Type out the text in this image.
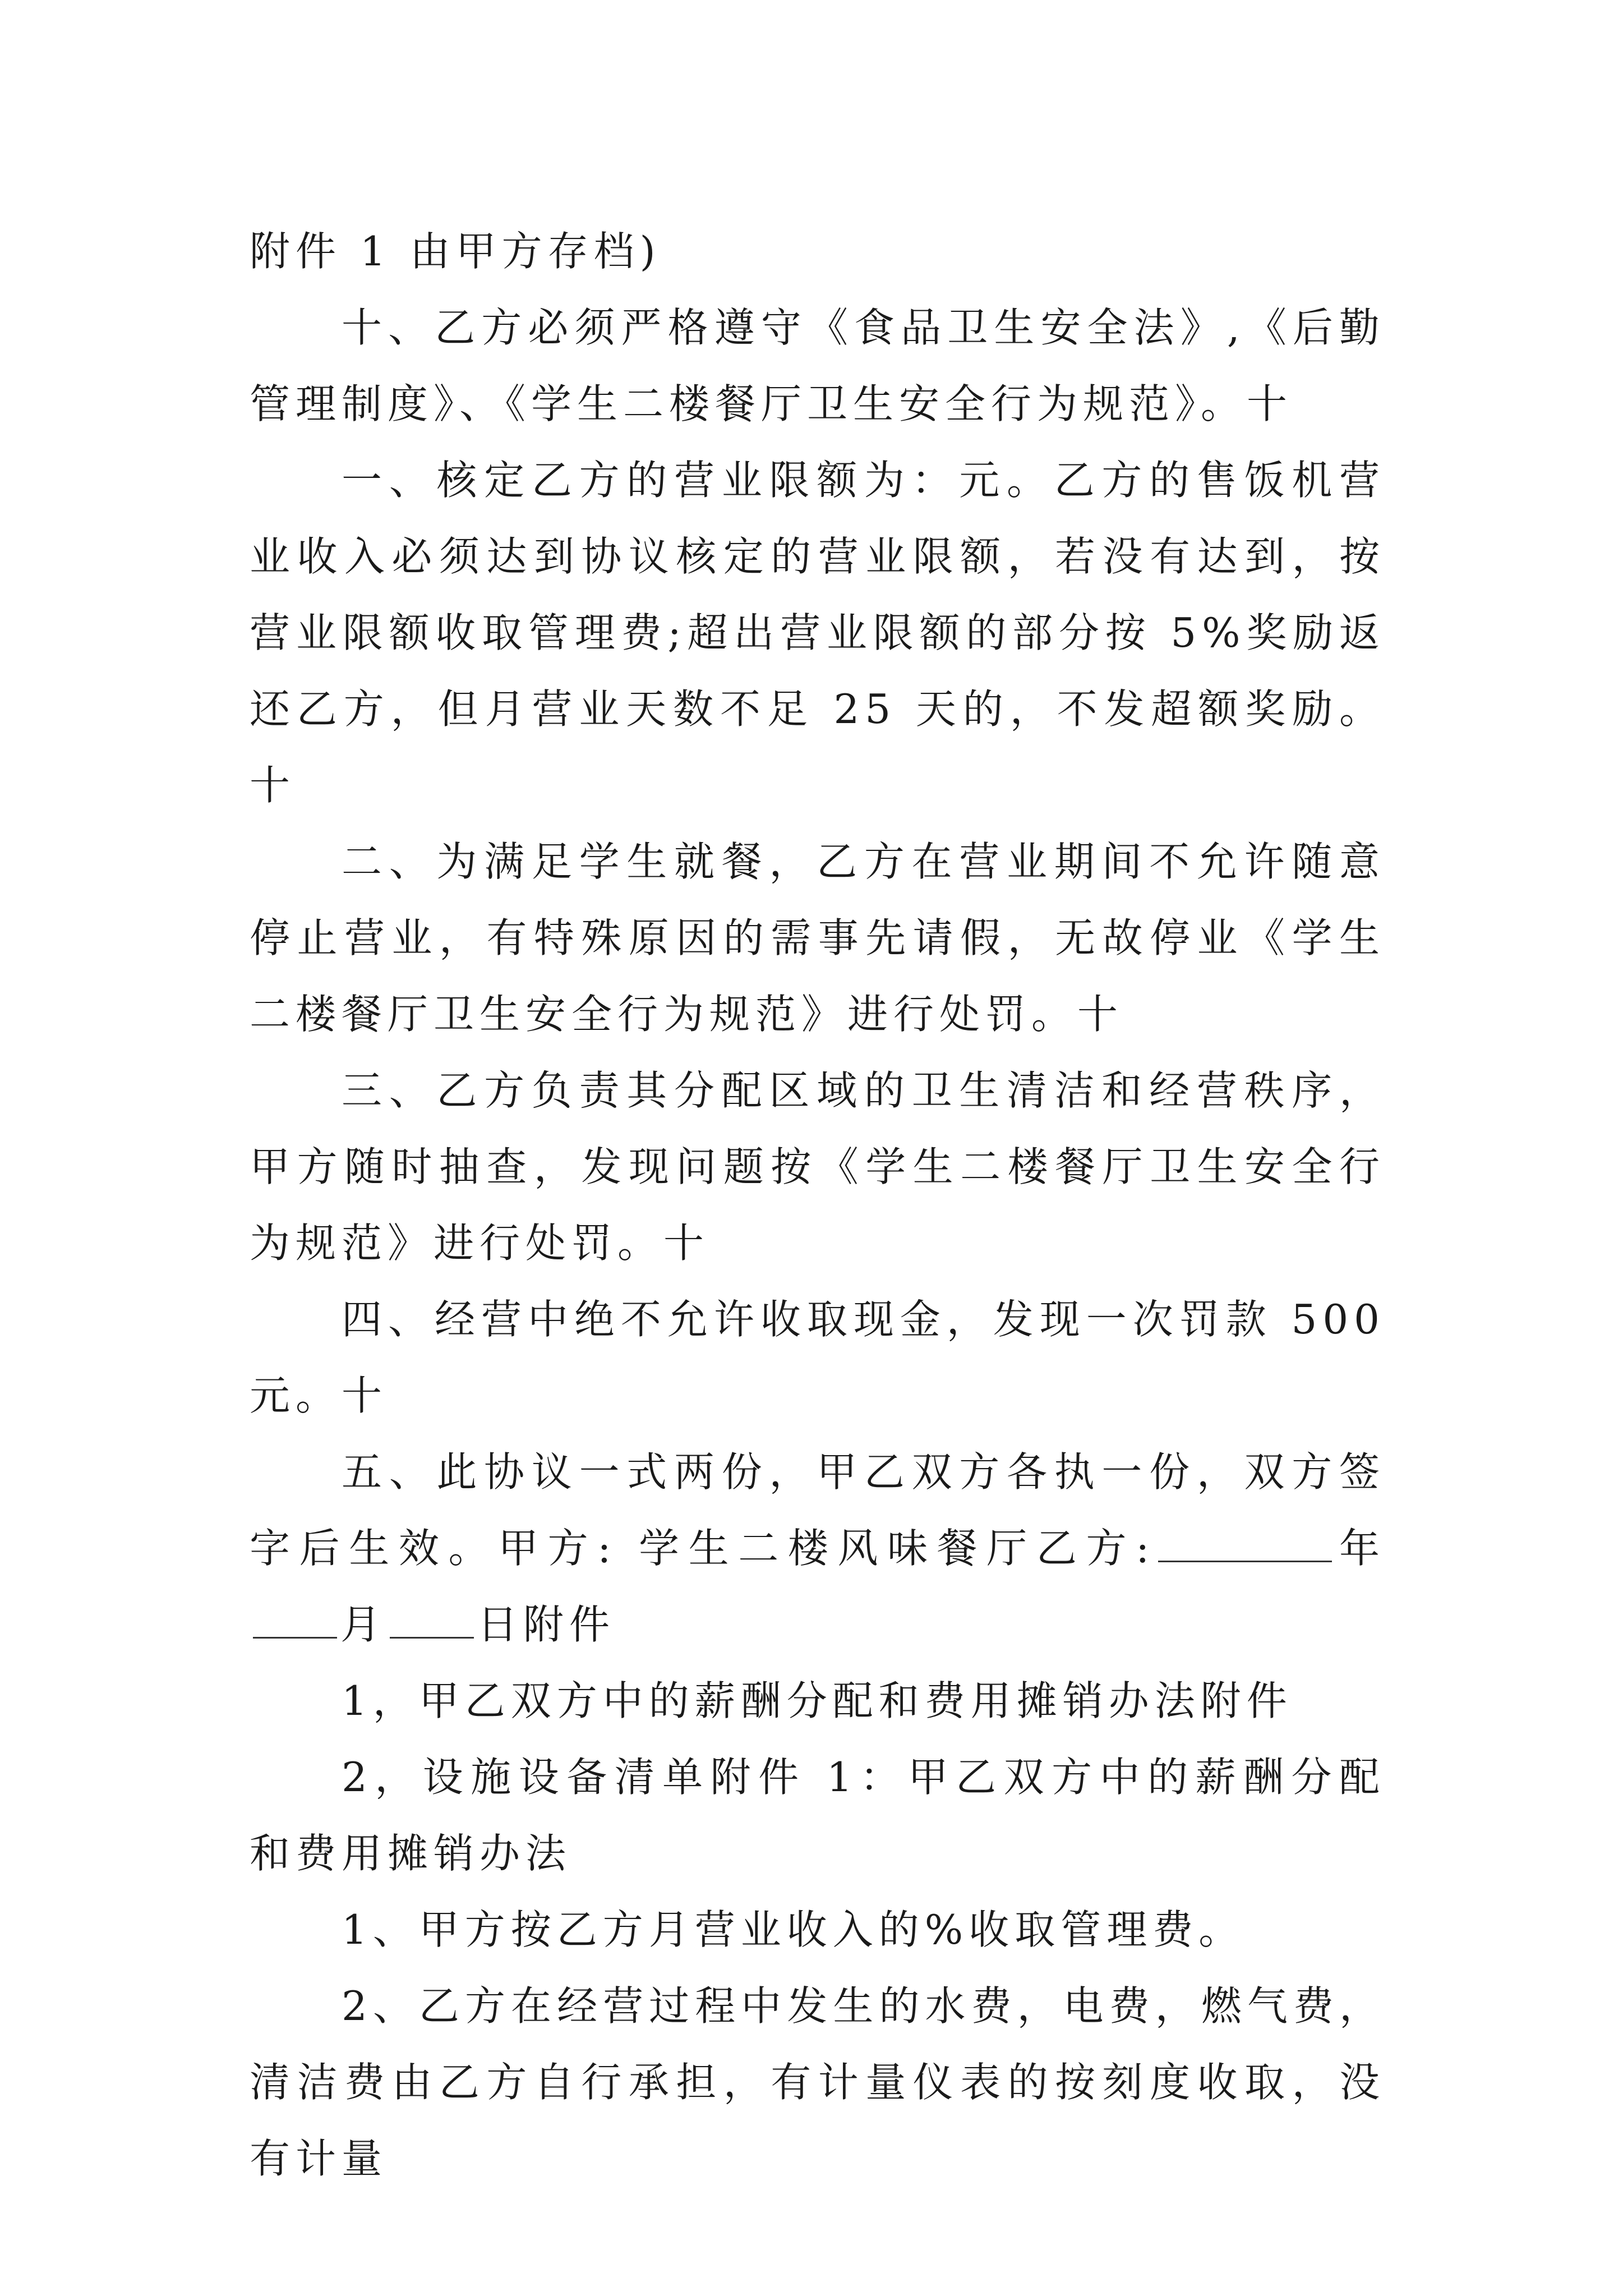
附件 1 由甲方存档)

十、乙方必须严格遵守《食品卫生安全法》,《后勤管理制度》、《学生二楼餐厅卫生安全行为规范》。十

一、核定乙方的营业限额为：元。乙方的售饭机营业收入必须达到协议核定的营业限额，若没有达到，按营业限额收取管理费;超出营业限额的部分按 5%奖励返还乙方，但月营业天数不足 25 天的，不发超额奖励。十

二、为满足学生就餐，乙方在营业期间不允许随意停止营业，有特殊原因的需事先请假，无故停业《学生二楼餐厅卫生安全行为规范》进行处罚。十

三、乙方负责其分配区域的卫生清洁和经营秩序，甲方随时抽查，发现问题按《学生二楼餐厅卫生安全行为规范》进行处罚。十

四、经营中绝不允许收取现金，发现一次罚款 500 元。十

五、此协议一式两份，甲乙双方各执一份，双方签字后生效。甲方: 学生二楼风味餐厅乙方:	年月 日附件

1，甲乙双方中的薪酬分配和费用摊销办法附件

2，设施设备清单附件 1：甲乙双方中的薪酬分配和费用摊销办法

1、甲方按乙方月营业收入的%收取管理费。

2、乙方在经营过程中发生的水费，电费，燃气费，清洁费由乙方自行承担，有计量仪表的按刻度收取，没有计量
